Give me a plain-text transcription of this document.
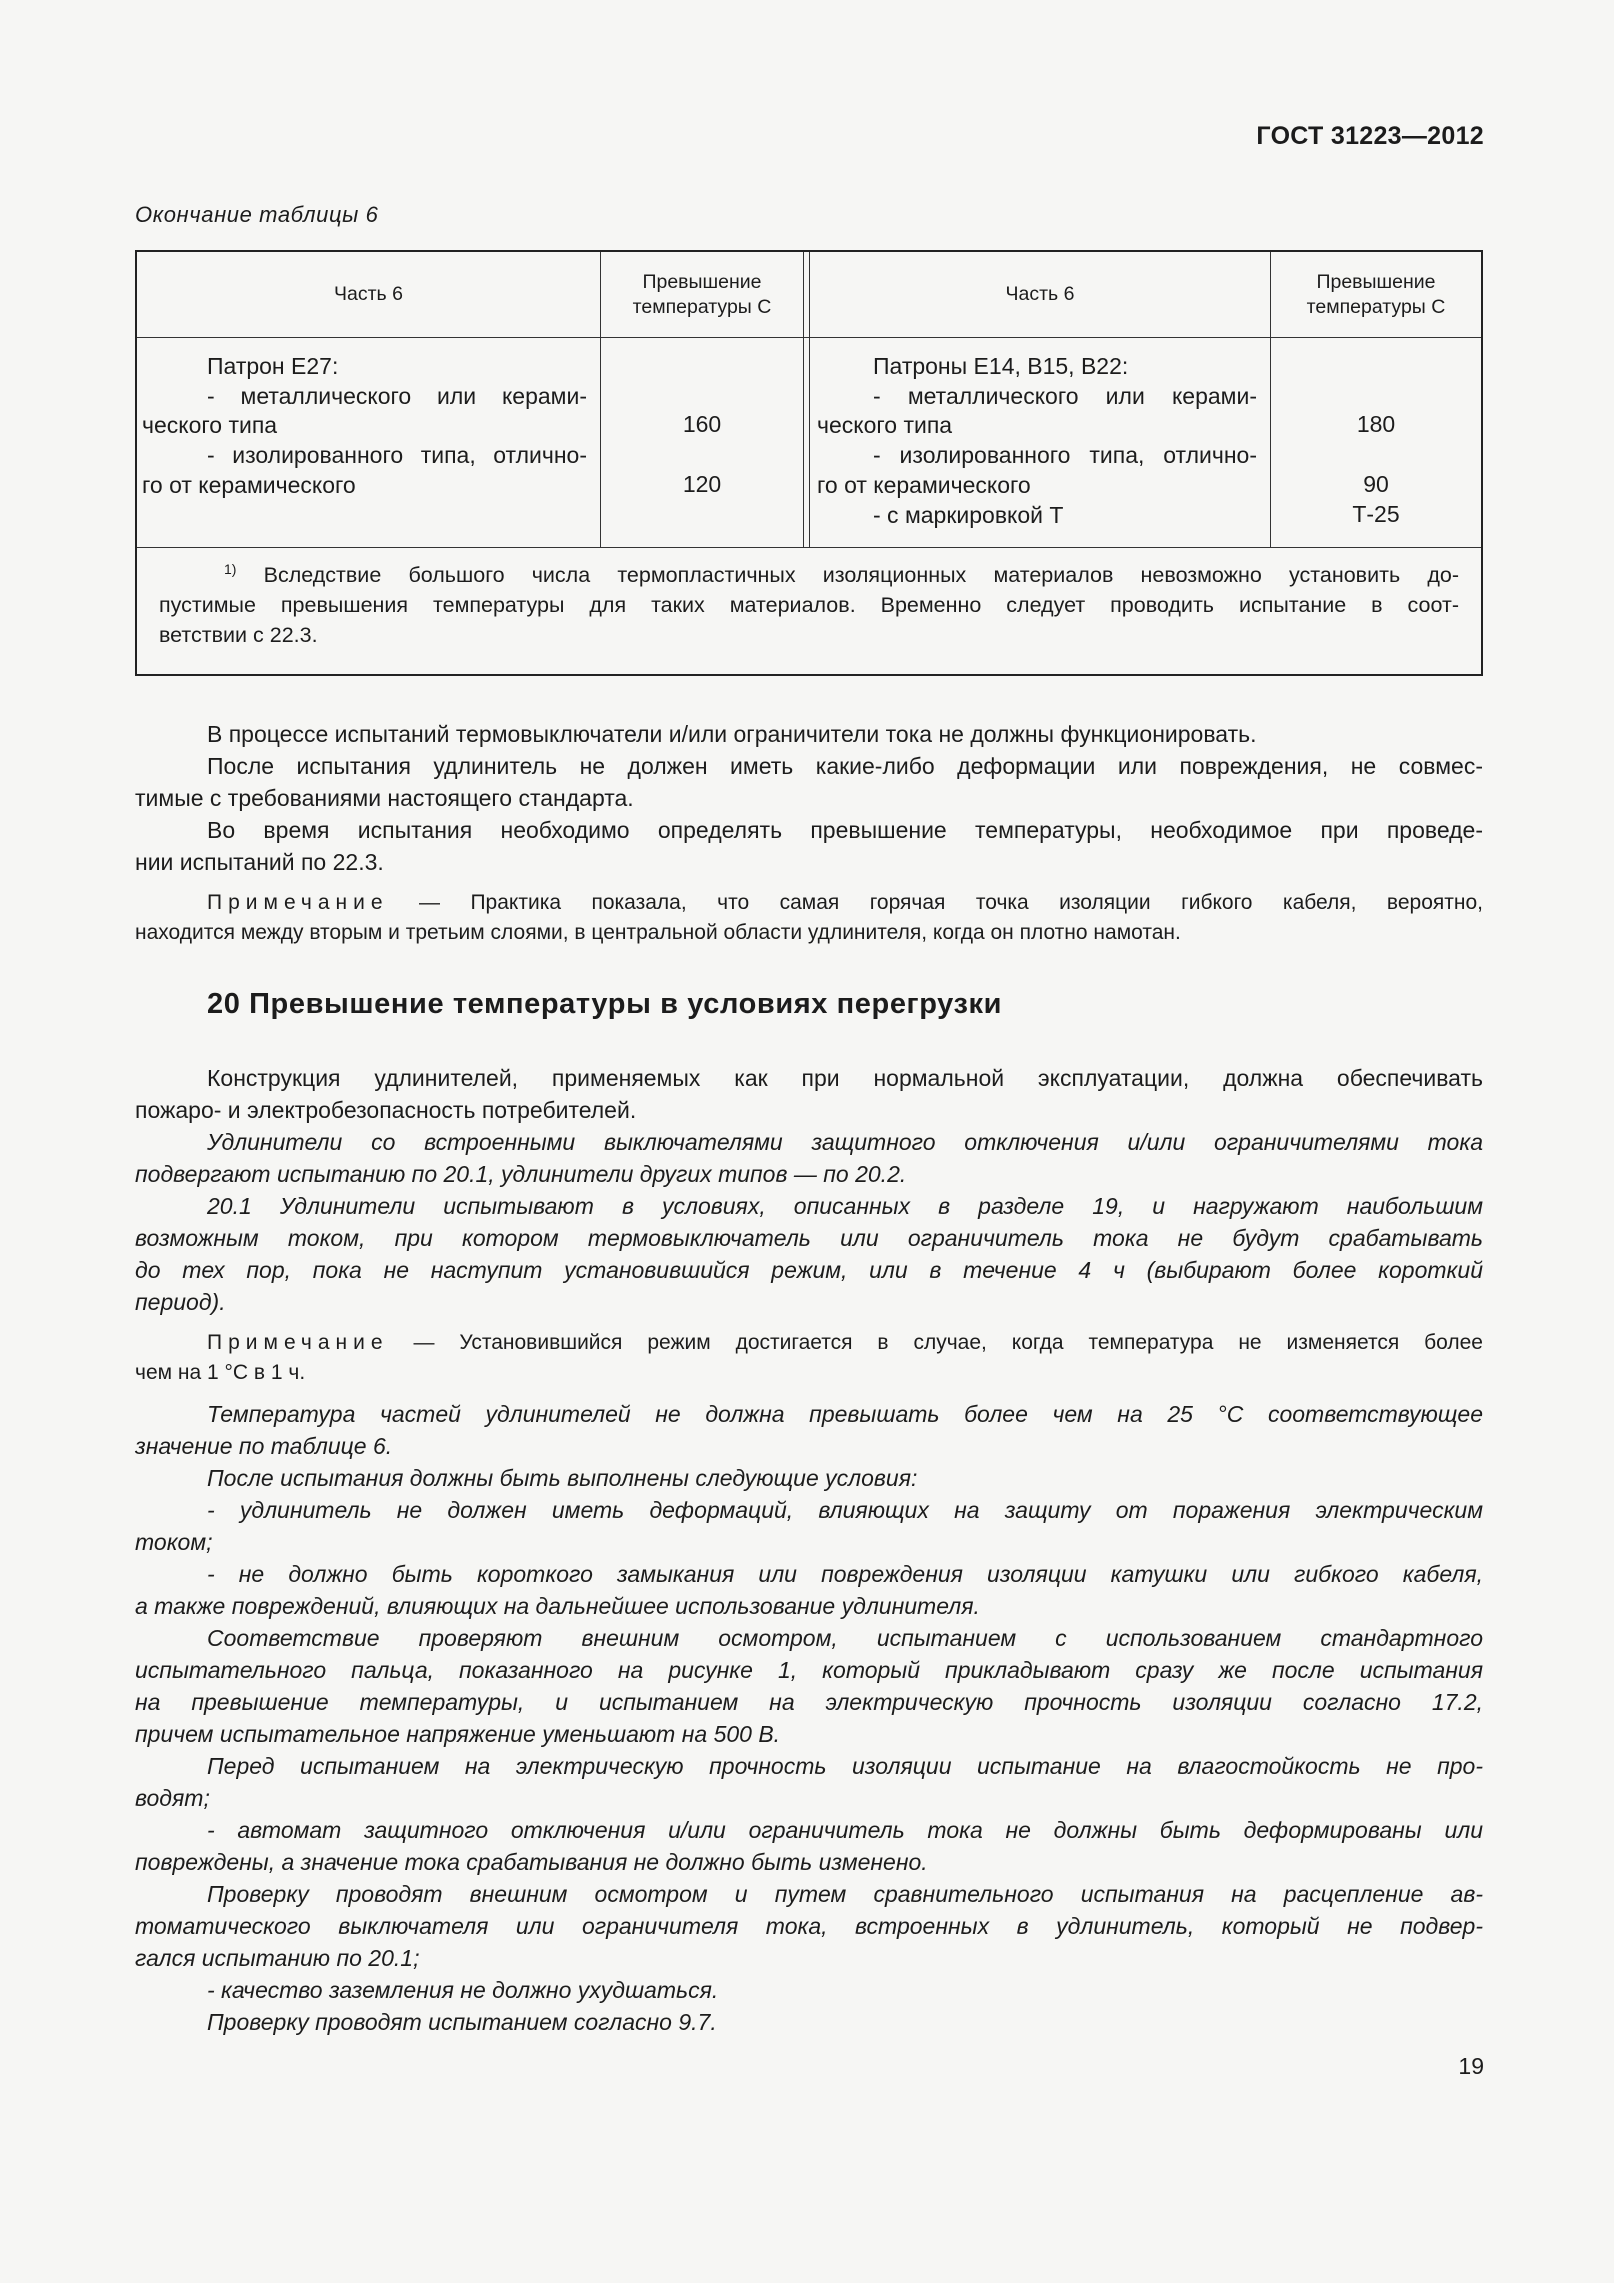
ГОСТ 31223—2012
Окончание таблицы 6
Часть 6
Превышение
температуры С
Часть 6
Превышение
температуры С
Патрон Е27:
- металлического или керами-
ческого типа
- изолированного типа, отлично-
го от керамического
160
120
Патроны Е14, В15, В22:
- металлического или керами-
ческого типа
- изолированного типа, отлично-
го от керамического
- с маркировкой Т
180
90
Т-25

$^{1)}$ Вследствие большого числа термопластичных изоляционных материалов невозможно установить до-

пустимые превышения температуры для таких материалов. Временно следует проводить испытание в соот-

ветствии с 22.3.

В процессе испытаний термовыключатели и/или ограничители тока не должны функционировать.

После испытания удлинитель не должен иметь какие-либо деформации или повреждения, не совмес-

тимые с требованиями настоящего стандарта.

Во время испытания необходимо определять превышение температуры, необходимое при проведе-

нии испытаний по 22.3.

Примечание — Практика показала, что самая горячая точка изоляции гибкого кабеля, вероятно,

находится между вторым и третьим слоями, в центральной области удлинителя, когда он плотно намотан.

20 Превышение температуры в условиях перегрузки

Конструкция удлинителей, применяемых как при нормальной эксплуатации, должна обеспечивать

пожаро- и электробезопасность потребителей.

Удлинители со встроенными выключателями защитного отключения и/или ограничителями тока

подвергают испытанию по 20.1, удлинители других типов — по 20.2.

20.1 Удлинители испытывают в условиях, описанных в разделе 19, и нагружают наибольшим

возможным током, при котором термовыключатель или ограничитель тока не будут срабатывать

до тех пор, пока не наступит установившийся режим, или в течение 4 ч (выбирают более короткий

период).

Примечание — Установившийся режим достигается в случае, когда температура не изменяется более

чем на 1 °С в 1 ч.

Температура частей удлинителей не должна превышать более чем на 25 °С соответствующее

значение по таблице 6.

После испытания должны быть выполнены следующие условия:

- удлинитель не должен иметь деформаций, влияющих на защиту от поражения электрическим

током;

- не должно быть короткого замыкания или повреждения изоляции катушки или гибкого кабеля,

а также повреждений, влияющих на дальнейшее использование удлинителя.

Соответствие проверяют внешним осмотром, испытанием с использованием стандартного

испытательного пальца, показанного на рисунке 1, который прикладывают сразу же после испытания

на превышение температуры, и испытанием на электрическую прочность изоляции согласно 17.2,

причем испытательное напряжение уменьшают на 500 В.

Перед испытанием на электрическую прочность изоляции испытание на влагостойкость не про-

водят;

- автомат защитного отключения и/или ограничитель тока не должны быть деформированы или

повреждены, а значение тока срабатывания не должно быть изменено.

Проверку проводят внешним осмотром и путем сравнительного испытания на расцепление ав-

томатического выключателя или ограничителя тока, встроенных в удлинитель, который не подвер-

гался испытанию по 20.1;

- качество заземления не должно ухудшаться.

Проверку проводят испытанием согласно 9.7.

19
